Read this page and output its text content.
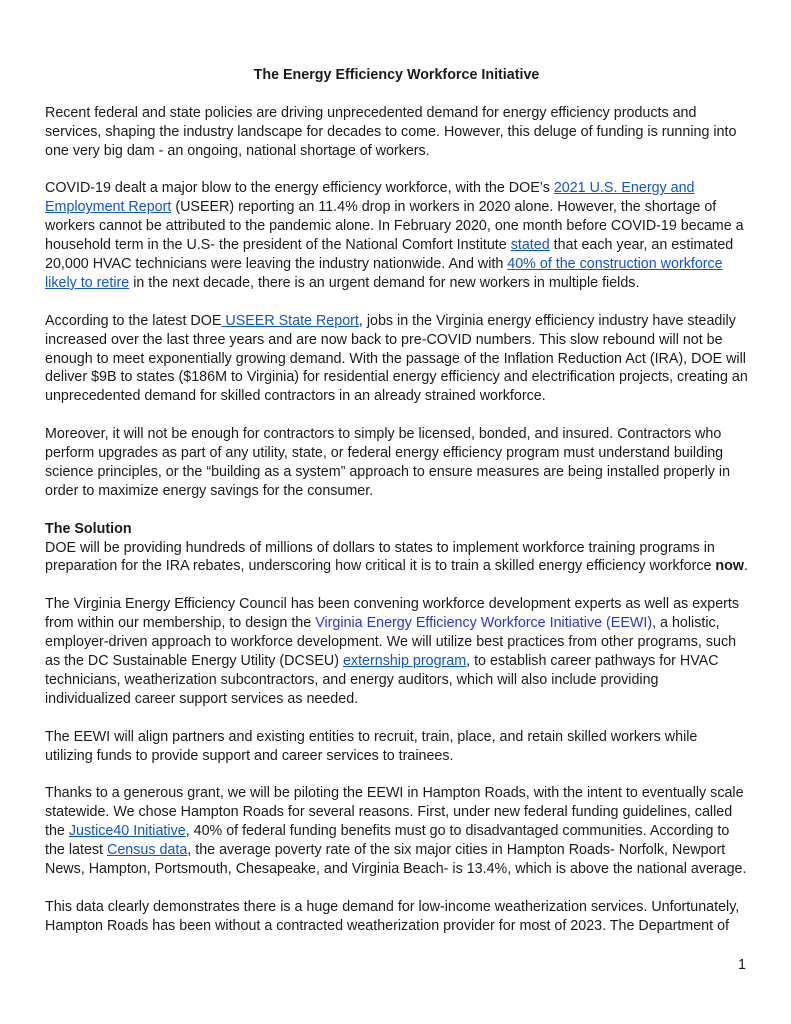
The Energy Efficiency Workforce Initiative

Recent federal and state policies are driving unprecedented demand for energy efficiency products and services, shaping the industry landscape for decades to come. However, this deluge of funding is running into one very big dam - an ongoing, national shortage of workers.

COVID-19 dealt a major blow to the energy efficiency workforce, with the DOE’s 2021 U.S. Energy and Employment Report (USEER) reporting an 11.4% drop in workers in 2020 alone. However, the shortage of workers cannot be attributed to the pandemic alone. In February 2020, one month before COVID-19 became a household term in the U.S- the president of the National Comfort Institute stated that each year, an estimated 20,000 HVAC technicians were leaving the industry nationwide. And with 40% of the construction workforce likely to retire in the next decade, there is an urgent demand for new workers in multiple fields.

According to the latest DOE USEER State Report, jobs in the Virginia energy efficiency industry have steadily increased over the last three years and are now back to pre-COVID numbers. This slow rebound will not be enough to meet exponentially growing demand. With the passage of the Inflation Reduction Act (IRA), DOE will deliver $9B to states ($186M to Virginia) for residential energy efficiency and electrification projects, creating an unprecedented demand for skilled contractors in an already strained workforce.

Moreover, it will not be enough for contractors to simply be licensed, bonded, and insured. Contractors who perform upgrades as part of any utility, state, or federal energy efficiency program must understand building science principles, or the “building as a system” approach to ensure measures are being installed properly in order to maximize energy savings for the consumer.

The Solution

DOE will be providing hundreds of millions of dollars to states to implement workforce training programs in preparation for the IRA rebates, underscoring how critical it is to train a skilled energy efficiency workforce now.

The Virginia Energy Efficiency Council has been convening workforce development experts as well as experts from within our membership, to design the Virginia Energy Efficiency Workforce Initiative (EEWI), a holistic, employer-driven approach to workforce development. We will utilize best practices from other programs, such as the DC Sustainable Energy Utility (DCSEU) externship program, to establish career pathways for HVAC technicians, weatherization subcontractors, and energy auditors, which will also include providing individualized career support services as needed.

The EEWI will align partners and existing entities to recruit, train, place, and retain skilled workers while utilizing funds to provide support and career services to trainees.

Thanks to a generous grant, we will be piloting the EEWI in Hampton Roads, with the intent to eventually scale statewide. We chose Hampton Roads for several reasons. First, under new federal funding guidelines, called the Justice40 Initiative, 40% of federal funding benefits must go to disadvantaged communities. According to the latest Census data, the average poverty rate of the six major cities in Hampton Roads- Norfolk, Newport News, Hampton, Portsmouth, Chesapeake, and Virginia Beach- is 13.4%, which is above the national average.

This data clearly demonstrates there is a huge demand for low-income weatherization services. Unfortunately, Hampton Roads has been without a contracted weatherization provider for most of 2023. The Department of

1
